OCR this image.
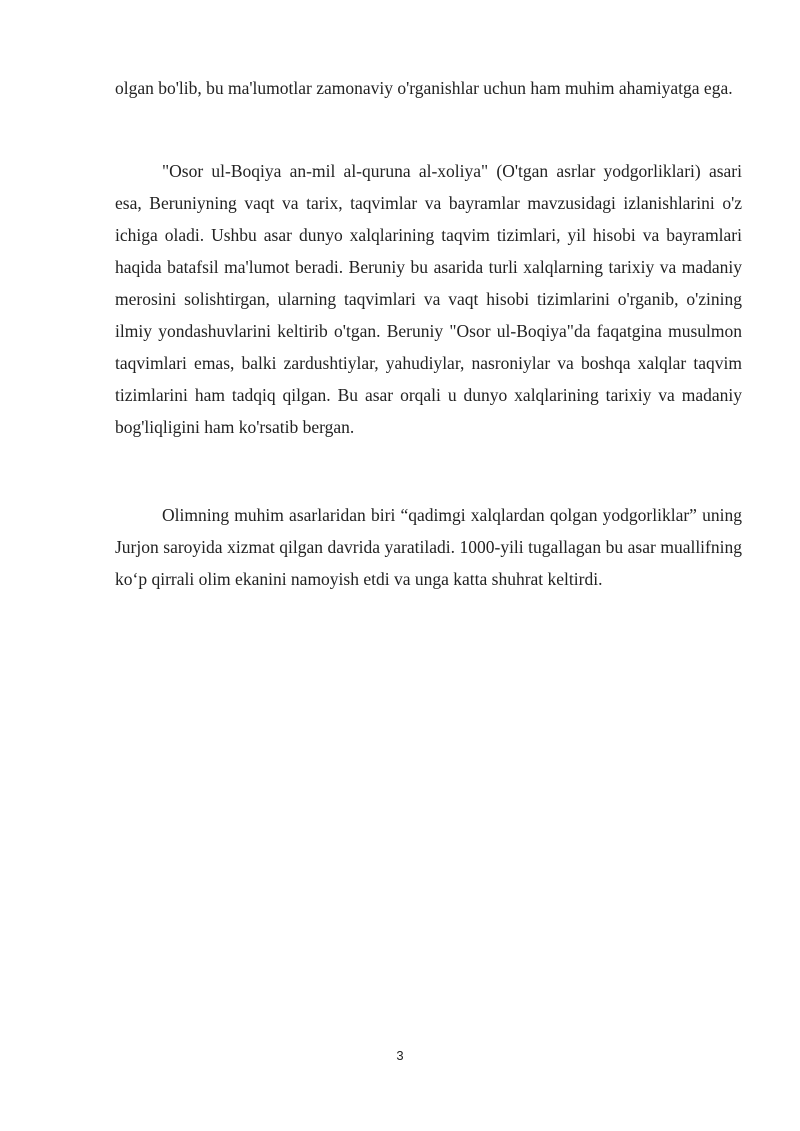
olgan bo'lib, bu ma'lumotlar zamonaviy o'rganishlar uchun ham muhim ahamiyatga ega.

"Osor ul-Boqiya an-mil al-quruna al-xoliya" (O'tgan asrlar yodgorliklari) asari esa, Beruniyning vaqt va tarix, taqvimlar va bayramlar mavzusidagi izlanishlarini o'z ichiga oladi. Ushbu asar dunyo xalqlarining taqvim tizimlari, yil hisobi va bayramlari haqida batafsil ma'lumot beradi. Beruniy bu asarida turli xalqlarning tarixiy va madaniy merosini solishtirgan, ularning taqvimlari va vaqt hisobi tizimlarini o'rganib, o'zining ilmiy yondashuvlarini keltirib o'tgan. Beruniy "Osor ul-Boqiya"da faqatgina musulmon taqvimlari emas, balki zardushtiylar, yahudiylar, nasroniylar va boshqa xalqlar taqvim tizimlarini ham tadqiq qilgan. Bu asar orqali u dunyo xalqlarining tarixiy va madaniy bog'liqligini ham ko'rsatib bergan.

Olimning muhim asarlaridan biri “qadimgi xalqlardan qolgan yodgorliklar” uning Jurjon saroyida xizmat qilgan davrida yaratiladi. 1000-yili tugallagan bu asar muallifning ko‘p qirrali olim ekanini namoyish etdi va unga katta shuhrat keltirdi.

3
